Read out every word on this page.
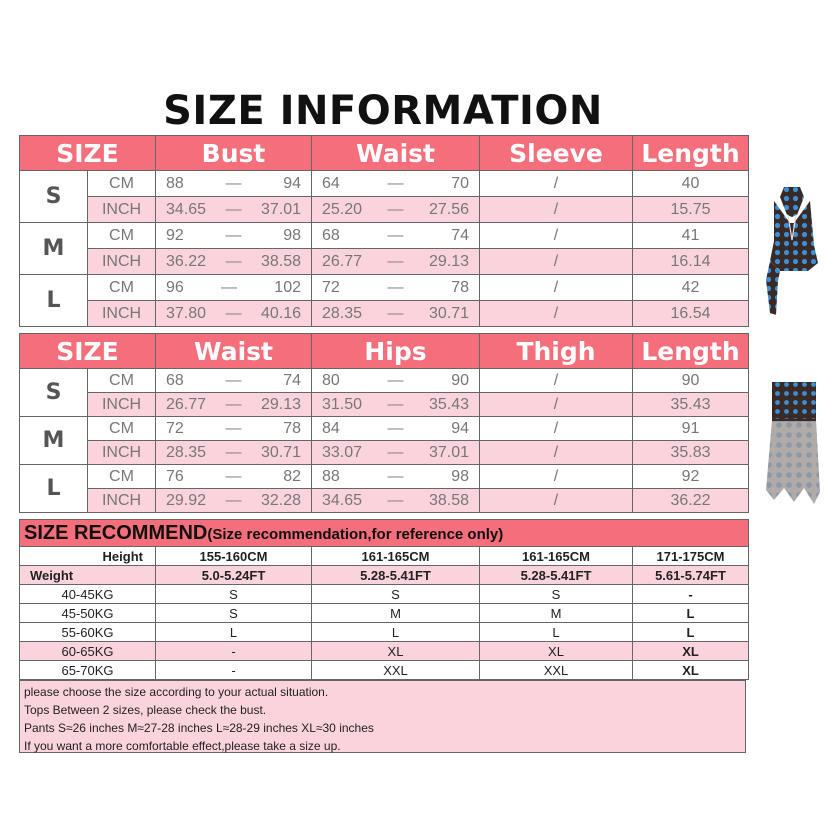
SIZE INFORMATION
SIZE		Bust	Waist	Sleeve	Length
S	CM	88 — 94	64 — 70	/	40
	INCH	34.65 — 37.01	25.20 — 27.56	/	15.75
M	CM	92 — 98	68 — 74	/	41
	INCH	36.22 — 38.58	26.77 — 29.13	/	16.14
L	CM	96 — 102	72 — 78	/	42
	INCH	37.80 — 40.16	28.35 — 30.71	/	16.54
SIZE		Waist	Hips	Thigh	Length
S	CM	68 — 74	80 — 90	/	90
	INCH	26.77 — 29.13	31.50 — 35.43	/	35.43
M	CM	72 — 78	84 — 94	/	91
	INCH	28.35 — 30.71	33.07 — 37.01	/	35.83
L	CM	76 — 82	88 — 98	/	92
	INCH	29.92 — 32.28	34.65 — 38.58	/	36.22
SIZE RECOMMEND(Size recommendation,for reference only)				
Height	155-160CM	161-165CM	161-165CM	171-175CM
Weight	5.0-5.24FT	5.28-5.41FT	5.28-5.41FT	5.61-5.74FT
40-45KG	S	S	S	-
45-50KG	S	M	M	L
55-60KG	L	L	L	L
60-65KG	-	XL	XL	XL
65-70KG	-	XXL	XXL	XL
please choose the size according to your actual situation.
Tops Between 2 sizes, please check the bust.
Pants S≈26 inches M≈27-28 inches L≈28-29 inches XL≈30 inches
If you want a more comfortable effect,please take a size up.
